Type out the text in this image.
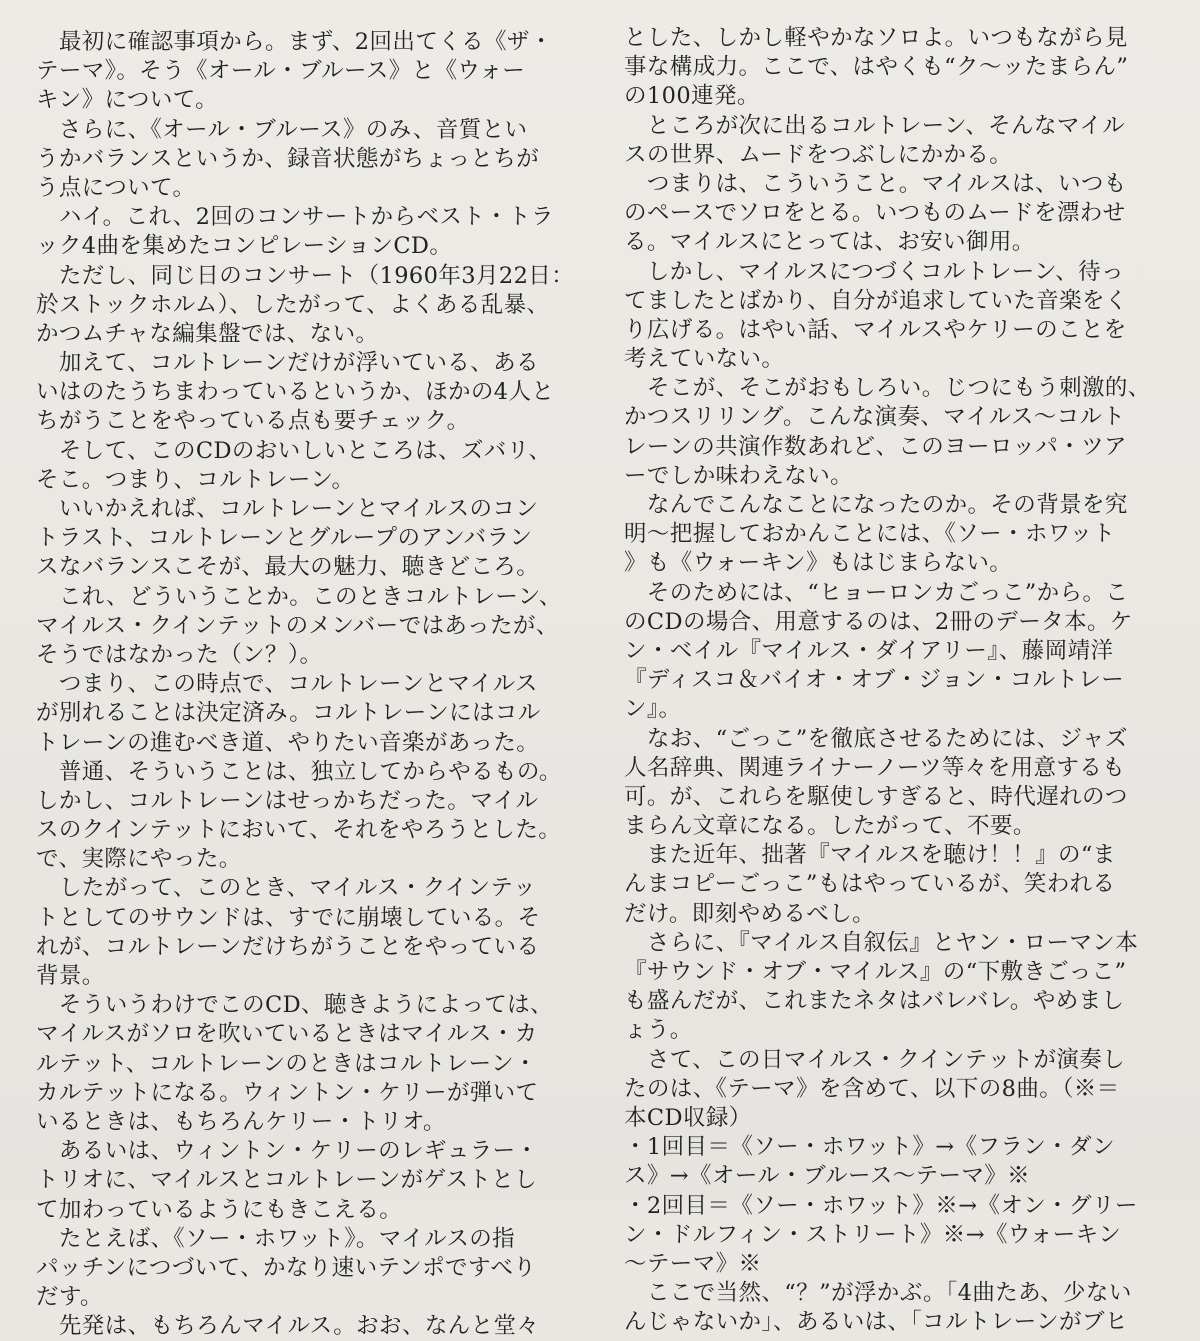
　最初に確認事項から。まず、2回出てくる《ザ・
テーマ》。そう《オール・ブルース》と《ウォー
キン》について。
　さらに、《オール・ブルース》のみ、音質とい
うかバランスというか、録音状態がちょっとちが
う点について。
　ハイ。これ、2回のコンサートからベスト・トラ
ック4曲を集めたコンピレーションCD。
　ただし、同じ日のコンサート（1960年3月22日：
於ストックホルム）、したがって、よくある乱暴、
かつムチャな編集盤では、ない。
　加えて、コルトレーンだけが浮いている、ある
いはのたうちまわっているというか、ほかの4人と
ちがうことをやっている点も要チェック。
　そして、このCDのおいしいところは、ズバリ、
そこ。つまり、コルトレーン。
　いいかえれば、コルトレーンとマイルスのコン
トラスト、コルトレーンとグループのアンバラン
スなバランスこそが、最大の魅力、聴きどころ。
　これ、どういうことか。このときコルトレーン、
マイルス・クインテットのメンバーではあったが、
そうではなかった（ン？）。
　つまり、この時点で、コルトレーンとマイルス
が別れることは決定済み。コルトレーンにはコル
トレーンの進むべき道、やりたい音楽があった。
　普通、そういうことは、独立してからやるもの。
しかし、コルトレーンはせっかちだった。マイル
スのクインテットにおいて、それをやろうとした。
で、実際にやった。
　したがって、このとき、マイルス・クインテッ
トとしてのサウンドは、すでに崩壊している。そ
れが、コルトレーンだけちがうことをやっている
背景。
　そういうわけでこのCD、聴きようによっては、
マイルスがソロを吹いているときはマイルス・カ
ルテット、コルトレーンのときはコルトレーン・
カルテットになる。ウィントン・ケリーが弾いて
いるときは、もちろんケリー・トリオ。
　あるいは、ウィントン・ケリーのレギュラー・
トリオに、マイルスとコルトレーンがゲストとし
て加わっているようにもきこえる。
　たとえば、《ソー・ホワット》。マイルスの指
パッチンにつづいて、かなり速いテンポですべり
だす。
　先発は、もちろんマイルス。おお、なんと堂々
とした、しかし軽やかなソロよ。いつもながら見
事な構成力。ここで、はやくも“ク～ッたまらん”
の100連発。
　ところが次に出るコルトレーン、そんなマイル
スの世界、ムードをつぶしにかかる。
　つまりは、こういうこと。マイルスは、いつも
のペースでソロをとる。いつものムードを漂わせ
る。マイルスにとっては、お安い御用。
　しかし、マイルスにつづくコルトレーン、待っ
てましたとばかり、自分が追求していた音楽をく
り広げる。はやい話、マイルスやケリーのことを
考えていない。
　そこが、そこがおもしろい。じつにもう刺激的、
かつスリリング。こんな演奏、マイルス～コルト
レーンの共演作数あれど、このヨーロッパ・ツア
ーでしか味わえない。
　なんでこんなことになったのか。その背景を究
明～把握しておかんことには、《ソー・ホワット
》も《ウォーキン》もはじまらない。
　そのためには、“ヒョーロンカごっこ”から。こ
のCDの場合、用意するのは、2冊のデータ本。ケ
ン・ベイル『マイルス・ダイアリー』、藤岡靖洋
『ディスコ＆バイオ・オブ・ジョン・コルトレー
ン』。
　なお、“ごっこ”を徹底させるためには、ジャズ
人名辞典、関連ライナーノーツ等々を用意するも
可。が、これらを駆使しすぎると、時代遅れのつ
まらん文章になる。したがって、不要。
　また近年、拙著『マイルスを聴け！！』の“ま
んまコピーごっこ”もはやっているが、笑われる
だけ。即刻やめるべし。
　さらに、『マイルス自叙伝』とヤン・ローマン本
『サウンド・オブ・マイルス』の“下敷きごっこ”
も盛んだが、これまたネタはバレバレ。やめまし
ょう。
　さて、この日マイルス・クインテットが演奏し
たのは、《テーマ》を含めて、以下の8曲。（※＝
本CD収録）
・1回目＝《ソー・ホワット》→《フラン・ダン
ス》→《オール・ブルース～テーマ》※
・2回目＝《ソー・ホワット》※→《オン・グリー
ン・ドルフィン・ストリート》※→《ウォーキン
～テーマ》※
　ここで当然、“？”が浮かぶ。「4曲たあ、少ない
んじゃないか」、あるいは、「コルトレーンがブヒ
